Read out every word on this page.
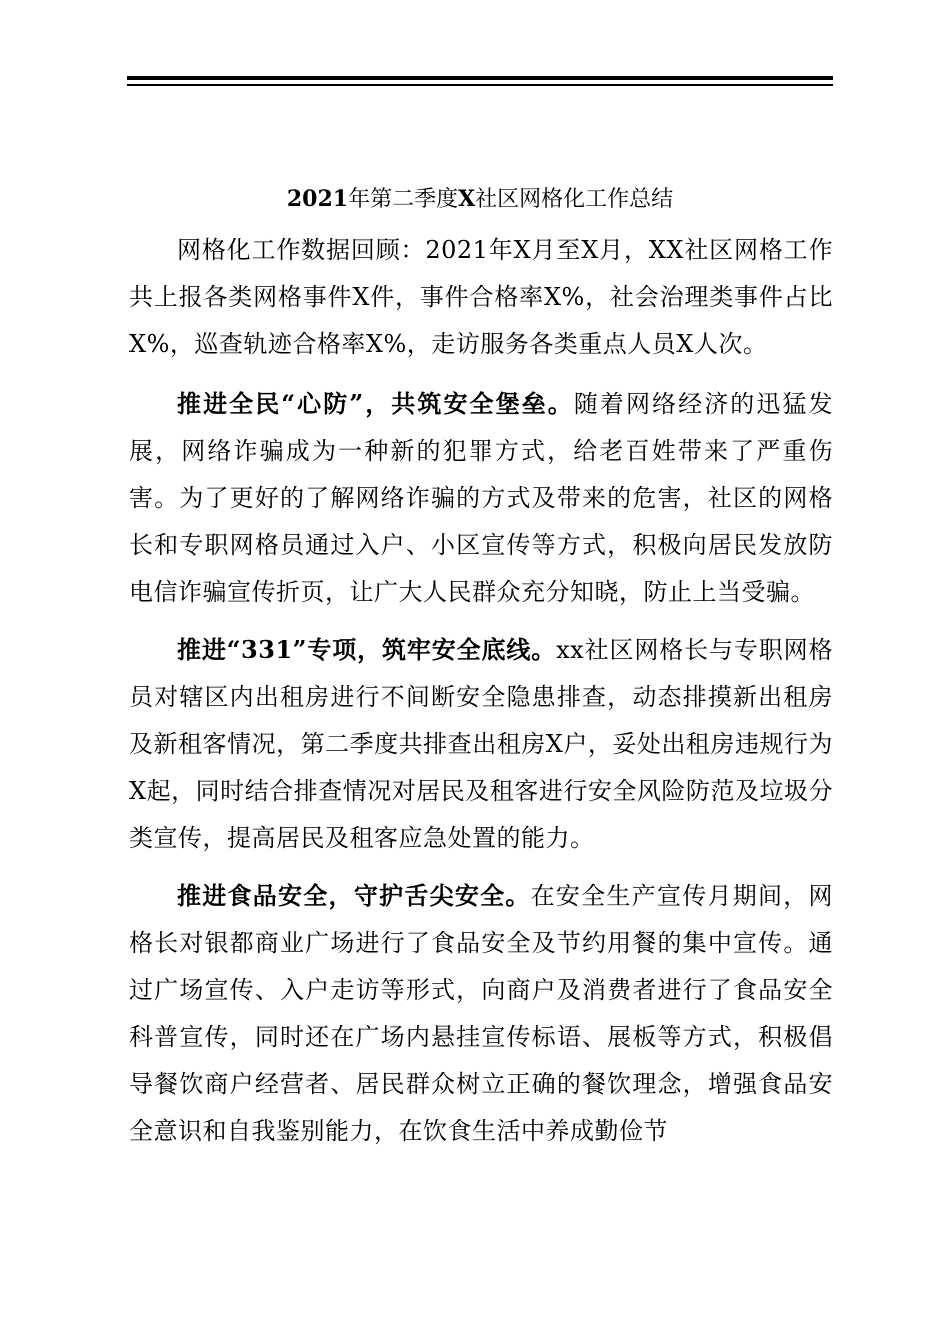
2021年第二季度X社区网格化工作总结

网格化工作数据回顾：2021年X月至X月，XX社区网格工作共上报各类网格事件X件，事件合格率X%，社会治理类事件占比X%，巡查轨迹合格率X%，走访服务各类重点人员X人次。

推进全民“心防”，共筑安全堡垒。随着网络经济的迅猛发展，网络诈骗成为一种新的犯罪方式，给老百姓带来了严重伤害。为了更好的了解网络诈骗的方式及带来的危害，社区的网格长和专职网格员通过入户、小区宣传等方式，积极向居民发放防电信诈骗宣传折页，让广大人民群众充分知晓，防止上当受骗。

推进“331”专项，筑牢安全底线。xx社区网格长与专职网格员对辖区内出租房进行不间断安全隐患排查，动态排摸新出租房及新租客情况，第二季度共排查出租房X户，妥处出租房违规行为X起，同时结合排查情况对居民及租客进行安全风险防范及垃圾分类宣传，提高居民及租客应急处置的能力。

推进食品安全，守护舌尖安全。在安全生产宣传月期间，网格长对银都商业广场进行了食品安全及节约用餐的集中宣传。通过广场宣传、入户走访等形式，向商户及消费者进行了食品安全科普宣传，同时还在广场内悬挂宣传标语、展板等方式，积极倡导餐饮商户经营者、居民群众树立正确的餐饮理念，增强食品安全意识和自我鉴别能力，在饮食生活中养成勤俭节
